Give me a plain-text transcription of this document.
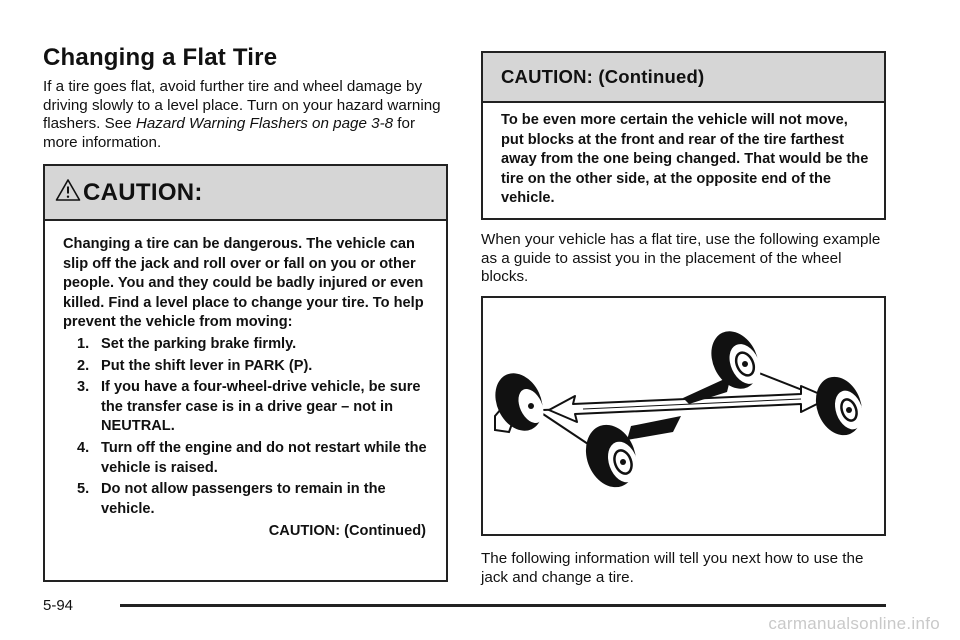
Changing a Flat Tire

If a tire goes flat, avoid further tire and wheel damage by driving slowly to a level place. Turn on your hazard warning flashers. See Hazard Warning Flashers on page 3-8 for more information.

CAUTION:

Changing a tire can be dangerous. The vehicle can slip off the jack and roll over or fall on you or other people. You and they could be badly injured or even killed. Find a level place to change your tire. To help prevent the vehicle from moving:

1. Set the parking brake firmly.
2. Put the shift lever in PARK (P).
3. If you have a four-wheel-drive vehicle, be sure the transfer case is in a drive gear – not in NEUTRAL.
4. Turn off the engine and do not restart while the vehicle is raised.
5. Do not allow passengers to remain in the vehicle.
CAUTION: (Continued)
CAUTION: (Continued)

To be even more certain the vehicle will not move, put blocks at the front and rear of the tire farthest away from the one being changed. That would be the tire on the other side, at the opposite end of the vehicle.

When your vehicle has a flat tire, use the following example as a guide to assist you in the placement of the wheel blocks.

The following information will tell you next how to use the jack and change a tire.

5-94
carmanualsonline.info
